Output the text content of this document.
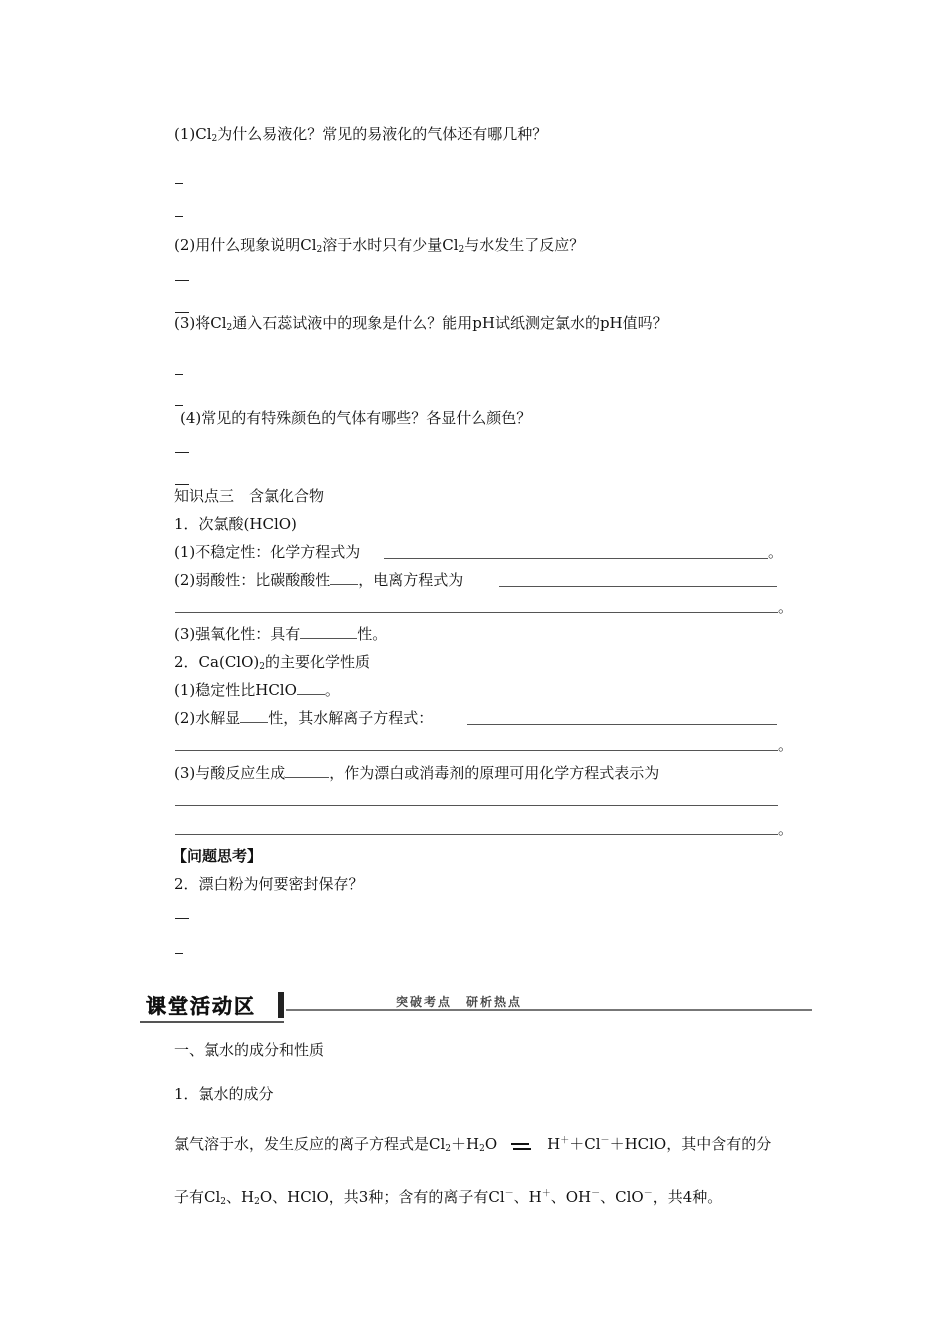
$(1)Cl_2$为什么易液化？常见的易液化的气体还有哪几种？
(2)用什么现象说明$Cl_2$溶于水时只有少量$Cl_2$与水发生了反应？
(3)将$Cl_2$通入石蕊试液中的现象是什么？能用pH试纸测定氯水的pH值吗？
(4)常见的有特殊颜色的气体有哪些？各显什么颜色？
知识点三　含氯化合物
1．次氯酸(HClO)
(1)不稳定性：化学方程式为	。
(2)弱酸性：比碳酸酸性 ，电离方程式为
。
(3)强氧化性：具有	性。
2．$Ca(ClO)_2$的主要化学性质
(1)稳定性比HClO 。
(2)水解显 性，其水解离子方程式：
。
(3)与酸反应生成	，作为漂白或消毒剂的原理可用化学方程式表示为
。
【问题思考】
2．漂白粉为何要密封保存？
课堂活动区	突破考点　研析热点
一、氯水的成分和性质
1．氯水的成分
氯气溶于水，发生反应的离子方程式是$Cl_2+H_2O$	H＋＋Cl－＋HClO，其中含有的分
子有$Cl_2$、$H_2O$、HClO，共3种；含有的离子有Cl－、H＋、OH－、ClO－，共4种。
